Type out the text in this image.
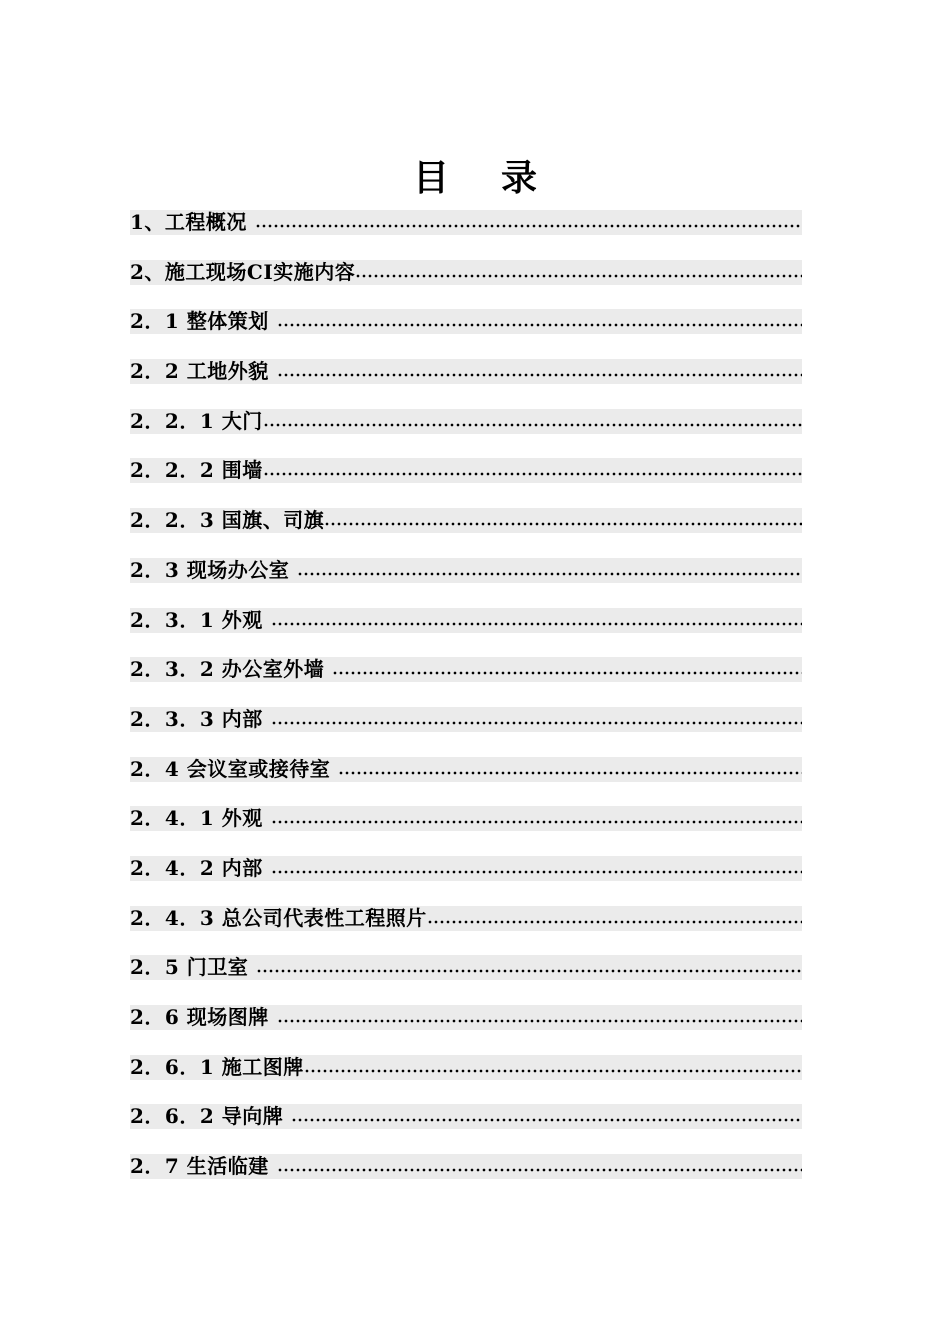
目 录
1、工程概况
2、施工现场CI实施内容
2．1 整体策划
2．2 工地外貌
2．2．1 大门
2．2．2 围墙
2．2．3 国旗、司旗
2．3 现场办公室
2．3．1 外观
2．3．2 办公室外墙
2．3．3 内部
2．4 会议室或接待室
2．4．1 外观
2．4．2 内部
2．4．3 总公司代表性工程照片
2．5 门卫室
2．6 现场图牌
2．6．1 施工图牌
2．6．2 导向牌
2．7 生活临建
